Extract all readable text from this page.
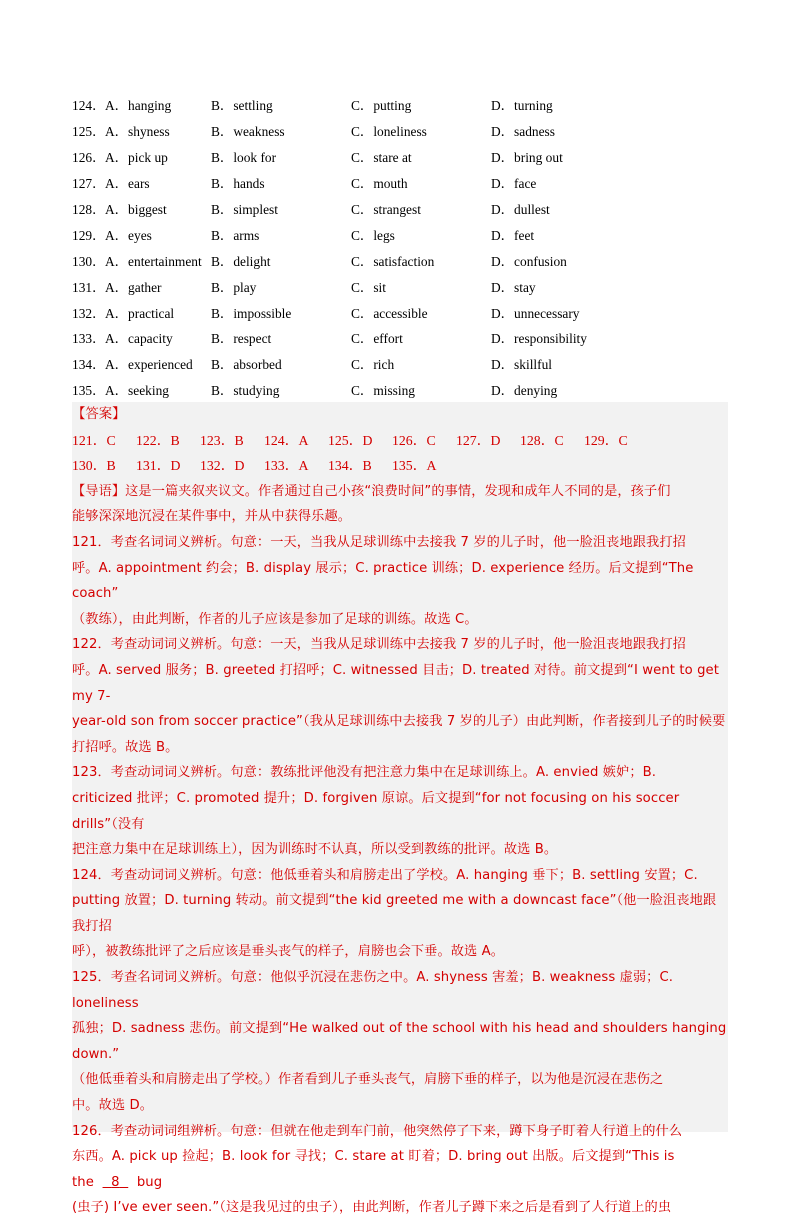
124． A．hanging	B．settling	C．putting	D．turning
125． A．shyness	B．weakness	C．loneliness	D．sadness
126． A．pick up	B．look for	C．stare at	D．bring out
127． A．ears	B．hands	C．mouth	D．face
128． A．biggest	B．simplest	C．strangest	D．dullest
129． A．eyes	B．arms	C．legs	D．feet
130． A．entertainment B．delight	C．satisfaction	D．confusion
131． A．gather	B．play	C．sit	D．stay
132． A．practical	B．impossible	C．accessible	D．unnecessary
133． A．capacity	B．respect	C．effort	D．responsibility
134． A．experienced B．absorbed	C．rich	D．skillful
135． A．seeking	B．studying	C．missing	D．denying
【答案】
121．C	122．B	123．B	124．A	125．D	126．C	127．D	128．C	129．C
130．B	131．D	132．D	133．A	134．B	135．A

【导语】这是一篇夹叙夹议文。作者通过自己小孩“浪费时间”的事情，发现和成年人不同的是，孩子们

能够深深地沉浸在某件事中，并从中获得乐趣。

121．考查名词词义辨析。句意：一天，当我从足球训练中去接我 7 岁的儿子时，他一脸沮丧地跟我打招

呼。A. appointment 约会；B. display 展示；C. practice 训练；D. experience 经历。后文提到“The coach”

（教练），由此判断，作者的儿子应该是参加了足球的训练。故选 C。

122．考查动词词义辨析。句意：一天，当我从足球训练中去接我 7 岁的儿子时，他一脸沮丧地跟我打招

呼。A. served 服务；B. greeted 打招呼；C. witnessed 目击；D. treated 对待。前文提到“I went to get my 7-

year-old son from soccer practice”（我从足球训练中去接我 7 岁的儿子）由此判断，作者接到儿子的时候要

打招呼。故选 B。

123．考查动词词义辨析。句意：教练批评他没有把注意力集中在足球训练上。A. envied 嫉妒；B.

criticized 批评；C. promoted 提升；D. forgiven 原谅。后文提到“for not focusing on his soccer drills”（没有

把注意力集中在足球训练上），因为训练时不认真，所以受到教练的批评。故选 B。

124．考查动词词义辨析。句意：他低垂着头和肩膀走出了学校。A. hanging 垂下；B. settling 安置；C.

putting 放置；D. turning 转动。前文提到“the kid greeted me with a downcast face”（他一脸沮丧地跟我打招

呼），被教练批评了之后应该是垂头丧气的样子，肩膀也会下垂。故选 A。

125．考查名词词义辨析。句意：他似乎沉浸在悲伤之中。A. shyness 害羞；B. weakness 虚弱；C. loneliness

孤独；D. sadness 悲伤。前文提到“He walked out of the school with his head and shoulders hanging down.”

（他低垂着头和肩膀走出了学校。）作者看到儿子垂头丧气，肩膀下垂的样子，以为他是沉浸在悲伤之

中。故选 D。

126．考查动词词组辨析。句意：但就在他走到车门前，他突然停了下来，蹲下身子盯着人行道上的什么

东西。A. pick up 捡起；B. look for 寻找；C. stare at 盯着；D. bring out 出版。后文提到“This is the 8 bug

(虫子) I’ve ever seen.”（这是我见过的虫子），由此判断，作者儿子蹲下来之后是看到了人行道上的虫
